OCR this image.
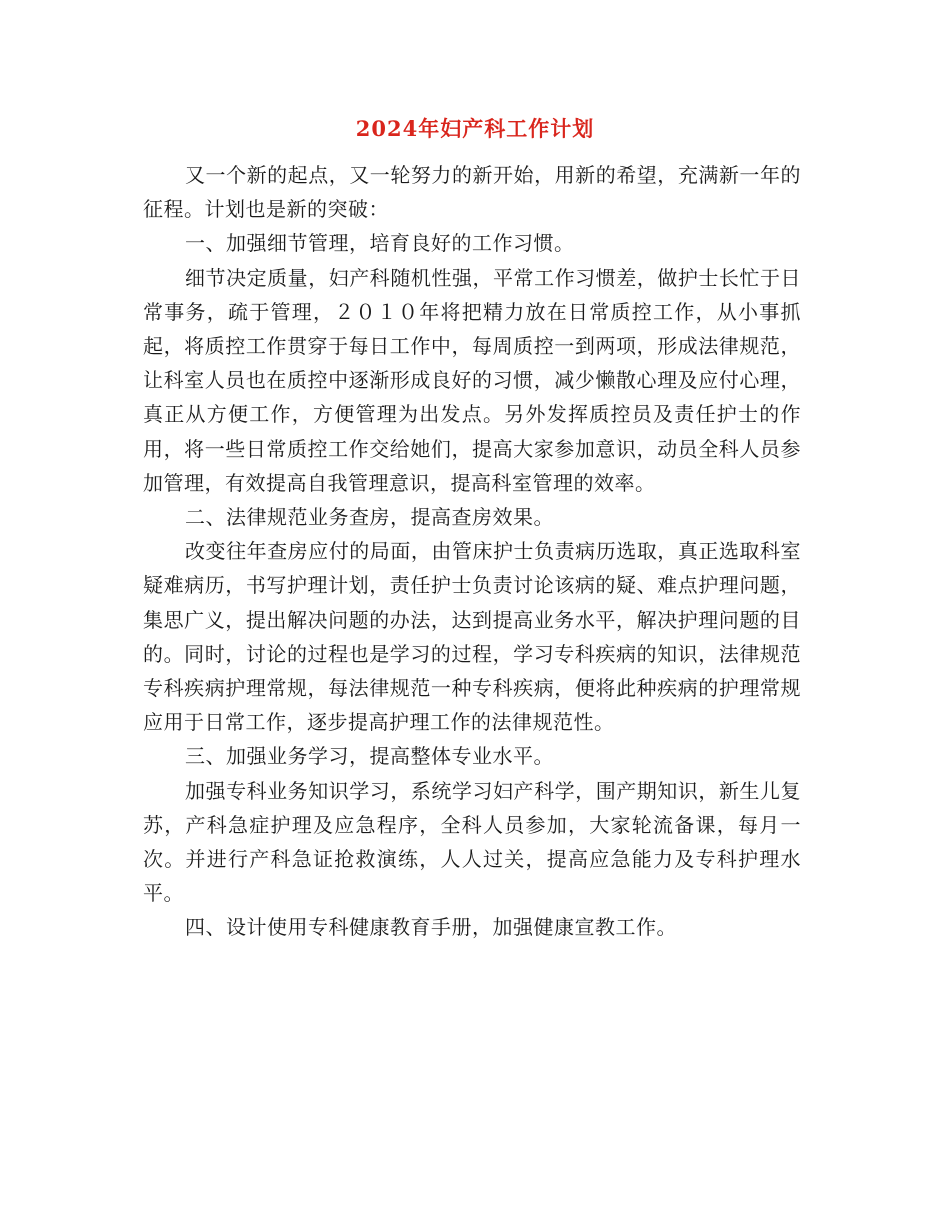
2024年妇产科工作计划

又一个新的起点，又一轮努力的新开始，用新的希望，充满新一年的征程。计划也是新的突破：

一、加强细节管理，培育良好的工作习惯。

细节决定质量，妇产科随机性强，平常工作习惯差，做护士长忙于日常事务，疏于管理，２０１０年将把精力放在日常质控工作，从小事抓起，将质控工作贯穿于每日工作中，每周质控一到两项，形成法律规范，让科室人员也在质控中逐渐形成良好的习惯，减少懒散心理及应付心理，真正从方便工作，方便管理为出发点。另外发挥质控员及责任护士的作用，将一些日常质控工作交给她们，提高大家参加意识，动员全科人员参加管理，有效提高自我管理意识，提高科室管理的效率。

二、法律规范业务查房，提高查房效果。

改变往年查房应付的局面，由管床护士负责病历选取，真正选取科室疑难病历，书写护理计划，责任护士负责讨论该病的疑、难点护理问题，集思广义，提出解决问题的办法，达到提高业务水平，解决护理问题的目的。同时，讨论的过程也是学习的过程，学习专科疾病的知识，法律规范专科疾病护理常规，每法律规范一种专科疾病，便将此种疾病的护理常规应用于日常工作，逐步提高护理工作的法律规范性。

三、加强业务学习，提高整体专业水平。

加强专科业务知识学习，系统学习妇产科学，围产期知识，新生儿复苏，产科急症护理及应急程序，全科人员参加，大家轮流备课，每月一次。并进行产科急证抢救演练，人人过关，提高应急能力及专科护理水平。

四、设计使用专科健康教育手册，加强健康宣教工作。
